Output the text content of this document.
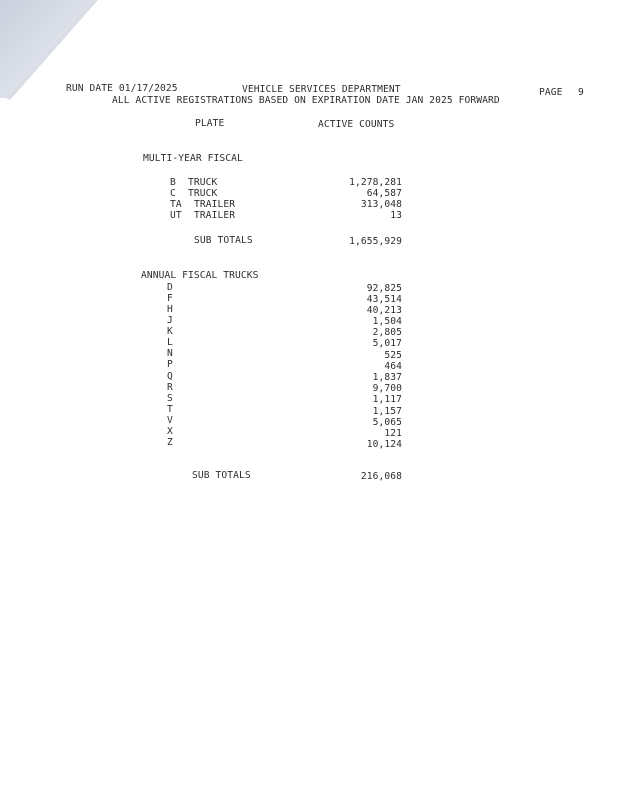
RUN DATE 01/17/2025	VEHICLE SERVICES DEPARTMENT	PAGE 9
ALL ACTIVE REGISTRATIONS BASED ON EXPIRATION DATE JAN 2025 FORWARD
PLATE	ACTIVE COUNTS
MULTI-YEAR FISCAL
B TRUCK	1,278,281
C TRUCK	64,587
TA TRAILER	313,048
UT TRAILER	13
SUB TOTALS	1,655,929
ANNUAL FISCAL TRUCKS
D	92,825
F	43,514
H	40,213
J	1,504
K	2,805
L	5,017
N	525
P	464
Q	1,837
R	9,700
S	1,117
T	1,157
V	5,065
X	121
Z	10,124
SUB TOTALS	216,068
